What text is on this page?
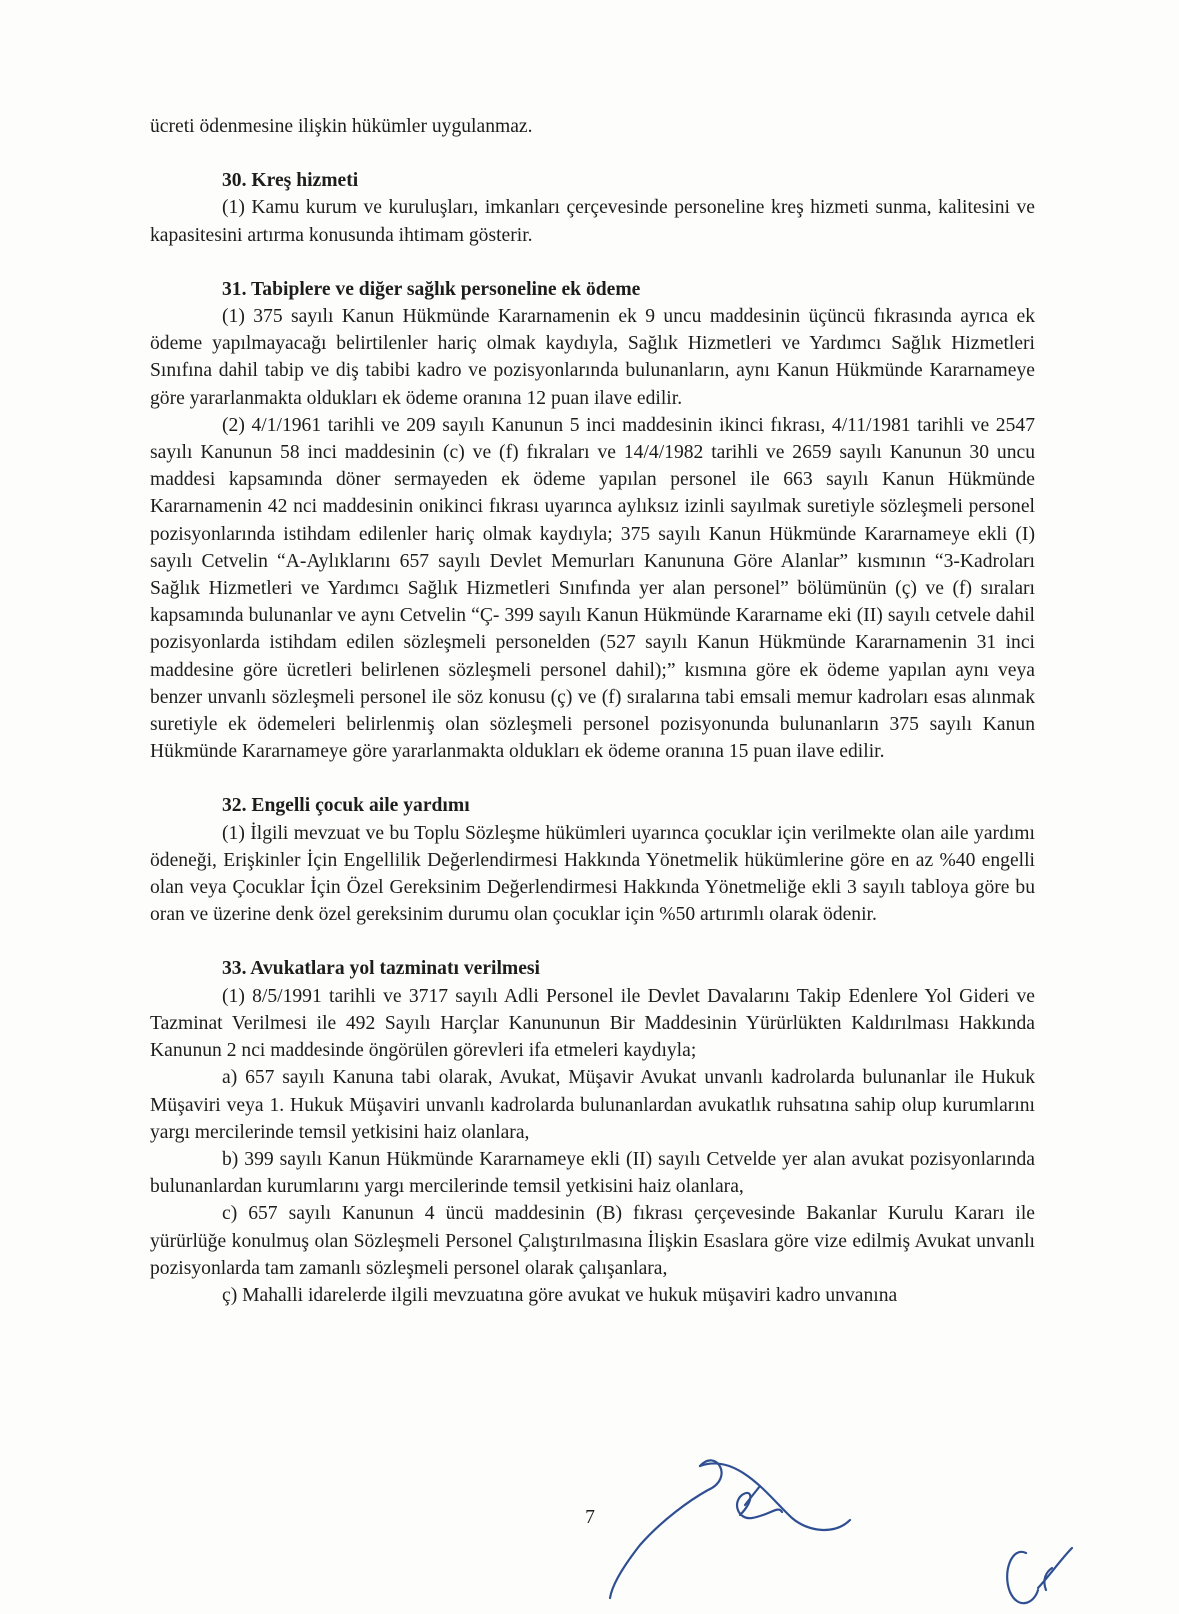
ücreti ödenmesine ilişkin hükümler uygulanmaz.

30. Kreş hizmeti

(1) Kamu kurum ve kuruluşları, imkanları çerçevesinde personeline kreş hizmeti sunma, kalitesini ve kapasitesini artırma konusunda ihtimam gösterir.

31. Tabiplere ve diğer sağlık personeline ek ödeme

(1) 375 sayılı Kanun Hükmünde Kararnamenin ek 9 uncu maddesinin üçüncü fıkrasında ayrıca ek ödeme yapılmayacağı belirtilenler hariç olmak kaydıyla, Sağlık Hizmetleri ve Yardımcı Sağlık Hizmetleri Sınıfına dahil tabip ve diş tabibi kadro ve pozisyonlarında bulunanların, aynı Kanun Hükmünde Kararnameye göre yararlanmakta oldukları ek ödeme oranına 12 puan ilave edilir.

(2) 4/1/1961 tarihli ve 209 sayılı Kanunun 5 inci maddesinin ikinci fıkrası, 4/11/1981 tarihli ve 2547 sayılı Kanunun 58 inci maddesinin (c) ve (f) fıkraları ve 14/4/1982 tarihli ve 2659 sayılı Kanunun 30 uncu maddesi kapsamında döner sermayeden ek ödeme yapılan personel ile 663 sayılı Kanun Hükmünde Kararnamenin 42 nci maddesinin onikinci fıkrası uyarınca aylıksız izinli sayılmak suretiyle sözleşmeli personel pozisyonlarında istihdam edilenler hariç olmak kaydıyla; 375 sayılı Kanun Hükmünde Kararnameye ekli (I) sayılı Cetvelin “A-Aylıklarını 657 sayılı Devlet Memurları Kanununa Göre Alanlar” kısmının “3-Kadroları Sağlık Hizmetleri ve Yardımcı Sağlık Hizmetleri Sınıfında yer alan personel” bölümünün (ç) ve (f) sıraları kapsamında bulunanlar ve aynı Cetvelin “Ç- 399 sayılı Kanun Hükmünde Kararname eki (II) sayılı cetvele dahil pozisyonlarda istihdam edilen sözleşmeli personelden (527 sayılı Kanun Hükmünde Kararnamenin 31 inci maddesine göre ücretleri belirlenen sözleşmeli personel dahil);” kısmına göre ek ödeme yapılan aynı veya benzer unvanlı sözleşmeli personel ile söz konusu (ç) ve (f) sıralarına tabi emsali memur kadroları esas alınmak suretiyle ek ödemeleri belirlenmiş olan sözleşmeli personel pozisyonunda bulunanların 375 sayılı Kanun Hükmünde Kararnameye göre yararlanmakta oldukları ek ödeme oranına 15 puan ilave edilir.

32. Engelli çocuk aile yardımı

(1) İlgili mevzuat ve bu Toplu Sözleşme hükümleri uyarınca çocuklar için verilmekte olan aile yardımı ödeneği, Erişkinler İçin Engellilik Değerlendirmesi Hakkında Yönetmelik hükümlerine göre en az %40 engelli olan veya Çocuklar İçin Özel Gereksinim Değerlendirmesi Hakkında Yönetmeliğe ekli 3 sayılı tabloya göre bu oran ve üzerine denk özel gereksinim durumu olan çocuklar için %50 artırımlı olarak ödenir.

33. Avukatlara yol tazminatı verilmesi

(1) 8/5/1991 tarihli ve 3717 sayılı Adli Personel ile Devlet Davalarını Takip Edenlere Yol Gideri ve Tazminat Verilmesi ile 492 Sayılı Harçlar Kanununun Bir Maddesinin Yürürlükten Kaldırılması Hakkında Kanunun 2 nci maddesinde öngörülen görevleri ifa etmeleri kaydıyla;

a) 657 sayılı Kanuna tabi olarak, Avukat, Müşavir Avukat unvanlı kadrolarda bulunanlar ile Hukuk Müşaviri veya 1. Hukuk Müşaviri unvanlı kadrolarda bulunanlardan avukatlık ruhsatına sahip olup kurumlarını yargı mercilerinde temsil yetkisini haiz olanlara,

b) 399 sayılı Kanun Hükmünde Kararnameye ekli (II) sayılı Cetvelde yer alan avukat pozisyonlarında bulunanlardan kurumlarını yargı mercilerinde temsil yetkisini haiz olanlara,

c) 657 sayılı Kanunun 4 üncü maddesinin (B) fıkrası çerçevesinde Bakanlar Kurulu Kararı ile yürürlüğe konulmuş olan Sözleşmeli Personel Çalıştırılmasına İlişkin Esaslara göre vize edilmiş Avukat unvanlı pozisyonlarda tam zamanlı sözleşmeli personel olarak çalışanlara,

ç) Mahalli idarelerde ilgili mevzuatına göre avukat ve hukuk müşaviri kadro unvanına

7
